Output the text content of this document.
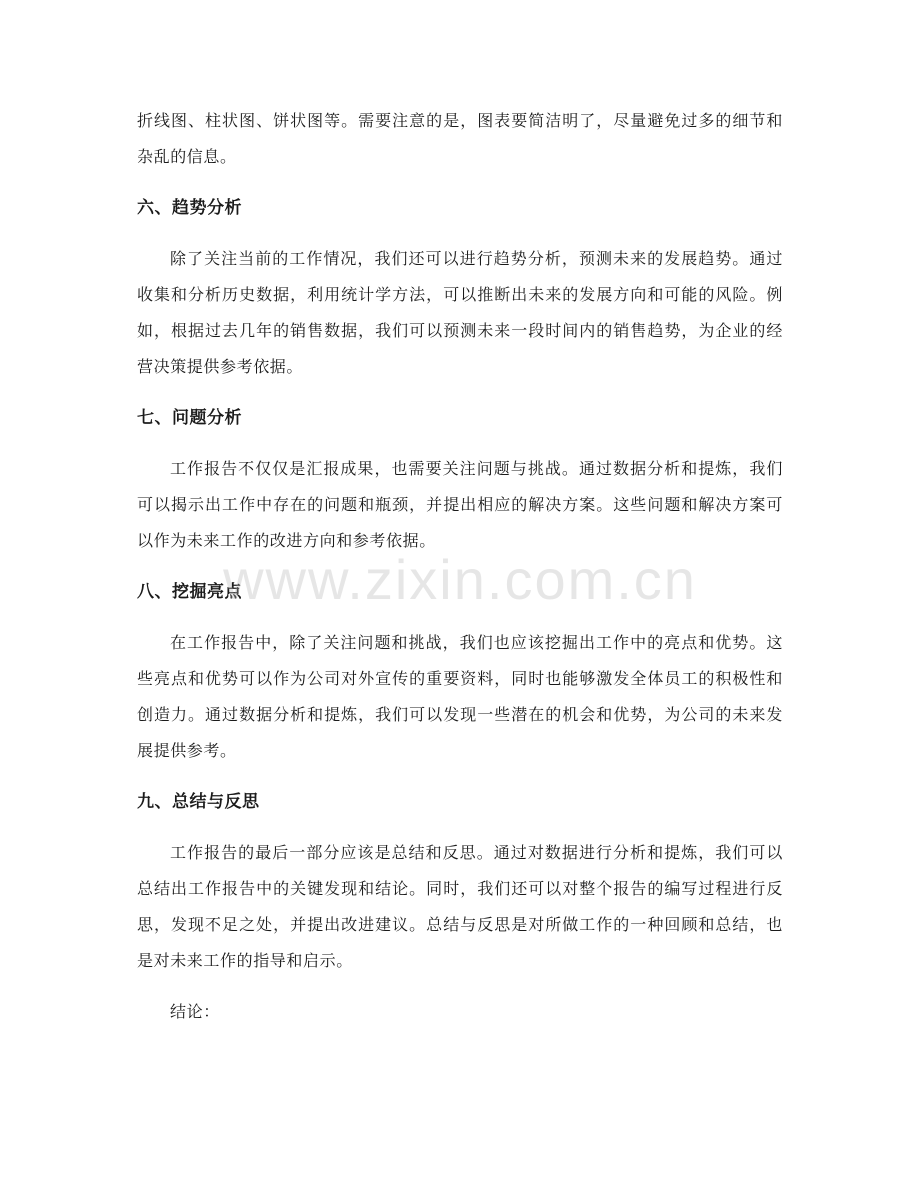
折线图、柱状图、饼状图等。需要注意的是，图表要简洁明了，尽量避免过多的细节和杂乱的信息。

六、趋势分析

除了关注当前的工作情况，我们还可以进行趋势分析，预测未来的发展趋势。通过收集和分析历史数据，利用统计学方法，可以推断出未来的发展方向和可能的风险。例如，根据过去几年的销售数据，我们可以预测未来一段时间内的销售趋势，为企业的经营决策提供参考依据。

七、问题分析

工作报告不仅仅是汇报成果，也需要关注问题与挑战。通过数据分析和提炼，我们可以揭示出工作中存在的问题和瓶颈，并提出相应的解决方案。这些问题和解决方案可以作为未来工作的改进方向和参考依据。

八、挖掘亮点

在工作报告中，除了关注问题和挑战，我们也应该挖掘出工作中的亮点和优势。这些亮点和优势可以作为公司对外宣传的重要资料，同时也能够激发全体员工的积极性和创造力。通过数据分析和提炼，我们可以发现一些潜在的机会和优势，为公司的未来发展提供参考。

九、总结与反思

工作报告的最后一部分应该是总结和反思。通过对数据进行分析和提炼，我们可以总结出工作报告中的关键发现和结论。同时，我们还可以对整个报告的编写过程进行反思，发现不足之处，并提出改进建议。总结与反思是对所做工作的一种回顾和总结，也是对未来工作的指导和启示。

结论：

www.zixin.com.cn
